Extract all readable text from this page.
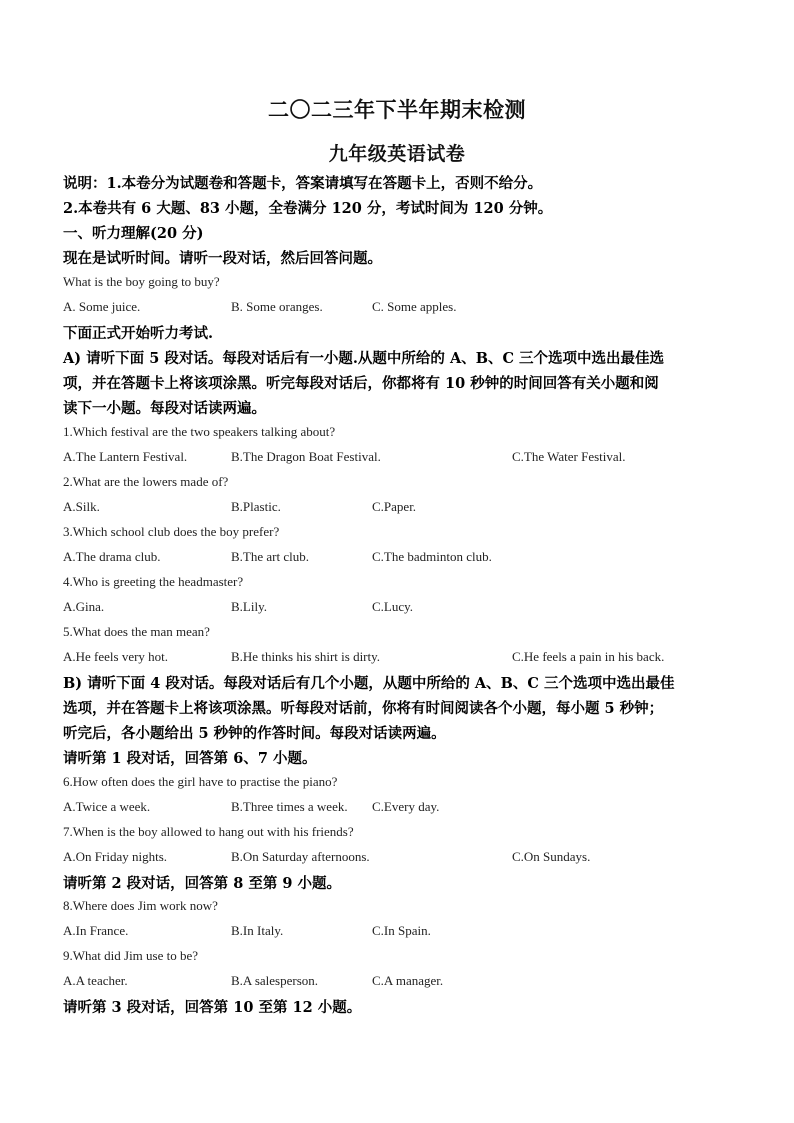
二〇二三年下半年期末检测
九年级英语试卷
说明：1.本卷分为试题卷和答题卡，答案请填写在答题卡上，否则不给分。
2.本卷共有 6 大题、83 小题，全卷满分 120 分，考试时间为 120 分钟。
一、听力理解(20 分)
现在是试听时间。请听一段对话，然后回答问题。
What is the boy going to buy?
A. Some juice.	B. Some oranges.	C. Some apples.
下面正式开始听力考试.
A) 请听下面 5 段对话。每段对话后有一小题.从题中所给的 A、B、C 三个选项中选出最佳选
项，并在答题卡上将该项涂黑。听完每段对话后，你都将有 10 秒钟的时间回答有关小题和阅
读下一小题。每段对话读两遍。
1.Which festival are the two speakers talking about?
A.The Lantern Festival.	B.The Dragon Boat Festival.	C.The Water Festival.
2.What are the lowers made of?
A.Silk.	B.Plastic.	C.Paper.
3.Which school club does the boy prefer?
A.The drama club.	B.The art club.	C.The badminton club.
4.Who is greeting the headmaster?
A.Gina.	B.Lily.	C.Lucy.
5.What does the man mean?
A.He feels very hot.	B.He thinks his shirt is dirty.	C.He feels a pain in his back.
B) 请听下面 4 段对话。每段对话后有几个小题，从题中所给的 A、B、C 三个选项中选出最佳
选项，并在答题卡上将该项涂黑。听每段对话前，你将有时间阅读各个小题，每小题 5 秒钟；
听完后，各小题给出 5 秒钟的作答时间。每段对话读两遍。
请听第 1 段对话，回答第 6、7 小题。
6.How often does the girl have to practise the piano?
A.Twice a week.	B.Three times a week. C.Every day.
7.When is the boy allowed to hang out with his friends?
A.On Friday nights.	B.On Saturday afternoons.	C.On Sundays.
请听第 2 段对话，回答第 8 至第 9 小题。
8.Where does Jim work now?
A.In France.	B.In Italy.	C.In Spain.
9.What did Jim use to be?
A.A teacher.	B.A salesperson.	C.A manager.
请听第 3 段对话，回答第 10 至第 12 小题。
